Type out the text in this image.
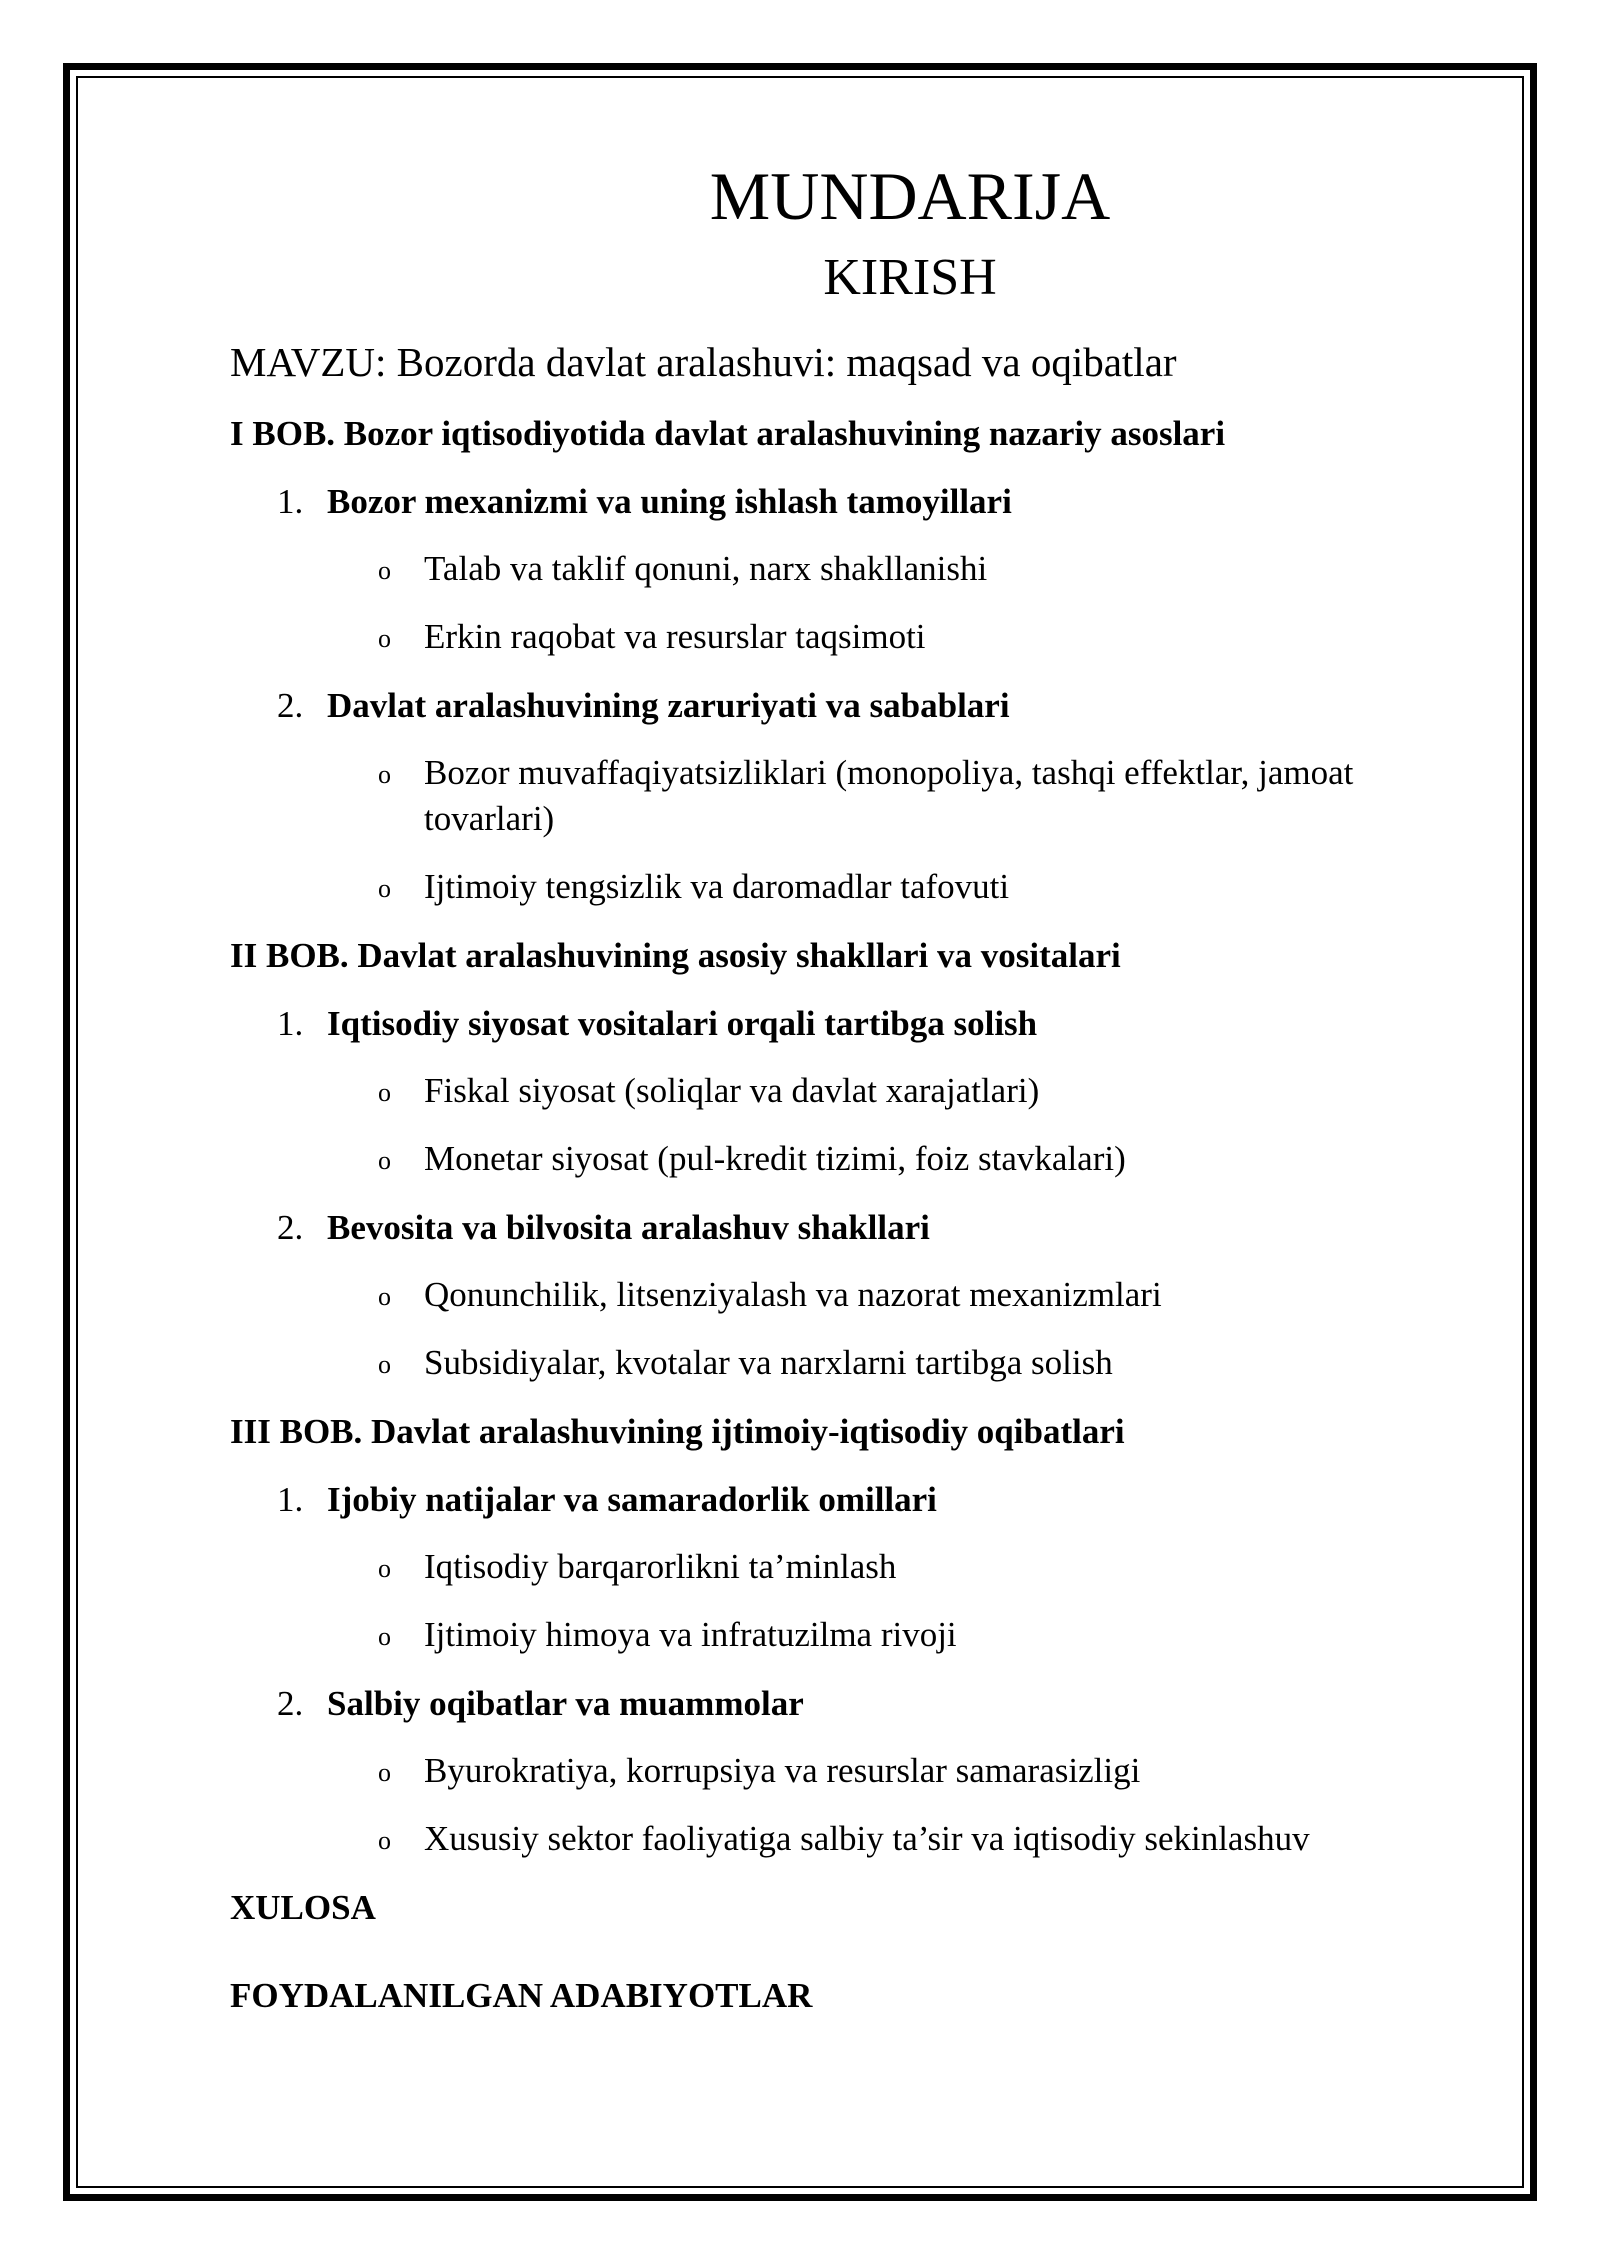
MUNDARIJA
KIRISH
MAVZU: Bozorda davlat aralashuvi: maqsad va oqibatlar
I BOB. Bozor iqtisodiyotida davlat aralashuvining nazariy asoslari
1. Bozor mexanizmi va uning ishlash tamoyillari
o Talab va taklif qonuni, narx shakllanishi
o Erkin raqobat va resurslar taqsimoti
2. Davlat aralashuvining zaruriyati va sabablari
o Bozor muvaffaqiyatsizliklari (monopoliya, tashqi effektlar, jamoat tovarlari)
o Ijtimoiy tengsizlik va daromadlar tafovuti
II BOB. Davlat aralashuvining asosiy shakllari va vositalari
1. Iqtisodiy siyosat vositalari orqali tartibga solish
o Fiskal siyosat (soliqlar va davlat xarajatlari)
o Monetar siyosat (pul-kredit tizimi, foiz stavkalari)
2. Bevosita va bilvosita aralashuv shakllari
o Qonunchilik, litsenziyalash va nazorat mexanizmlari
o Subsidiyalar, kvotalar va narxlarni tartibga solish
III BOB. Davlat aralashuvining ijtimoiy-iqtisodiy oqibatlari
1. Ijobiy natijalar va samaradorlik omillari
o Iqtisodiy barqarorlikni ta’minlash
o Ijtimoiy himoya va infratuzilma rivoji
2. Salbiy oqibatlar va muammolar
o Byurokratiya, korrupsiya va resurslar samarasizligi
o Xususiy sektor faoliyatiga salbiy ta’sir va iqtisodiy sekinlashuv
XULOSA
FOYDALANILGAN ADABIYOTLAR
